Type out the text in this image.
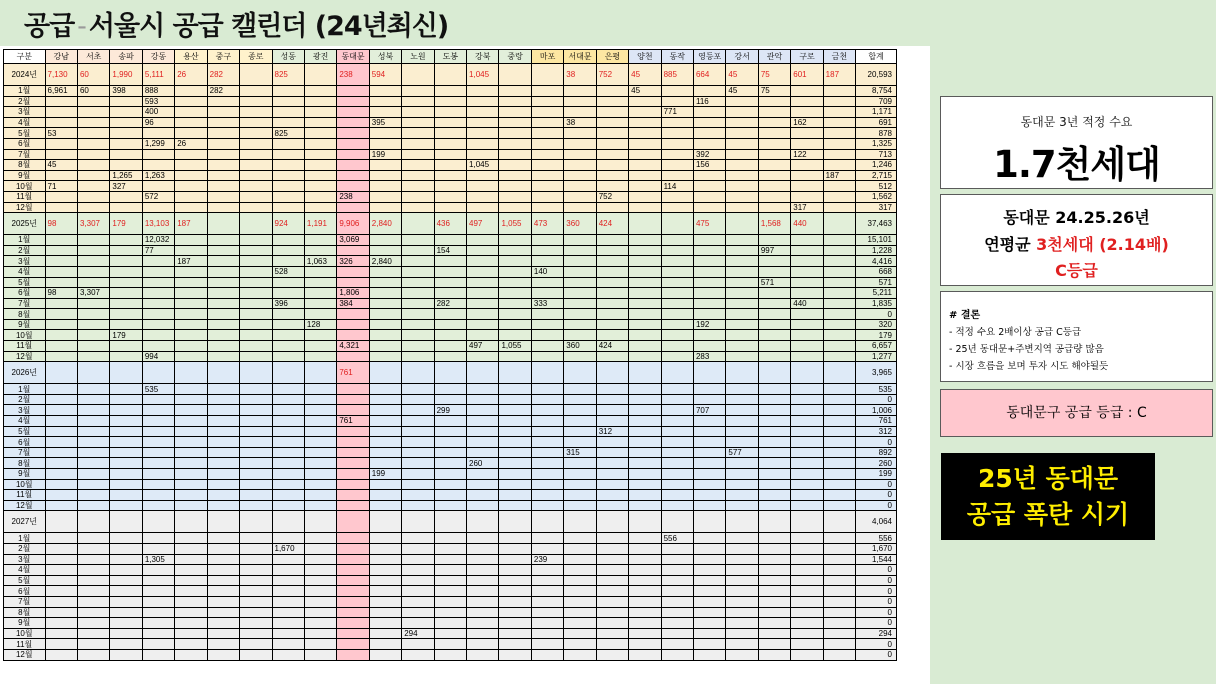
공급 - 서울시 공급 캘린더 (24년최신)
구분	강남	서초	송파	강동	용산	중구	종로	성동	광진	동대문	성북	노원	도봉	강북	중랑	마포	서대문	은평	양천	동작	영등포	강서	관악	구로	금천	합계
2024년	7,130	60	1,990	5,111	26	282		825		238	594			1,045			38	752	45	885	664	45	75	601	187	20,593
1월	6,961	60	398	888		282													45			45	75			8,754
2월				593																	116					709
3월				400																771						1,171
4월				96							395						38							162		691
5월	53							825																		878
6월				1,299	26																					1,325
7월											199										392			122		713
8월	45													1,045							156					1,246
9월			1,265	1,263																					187	2,715
10월	71		327																	114						512
11월				572						238								752								1,562
12월																								317		317
2025년	98	3,307	179	13,103	187			924	1,191	9,906	2,840		436	497	1,055	473	360	424			475		1,568	440		37,463
1월				12,032						3,069																15,101
2월				77									154										997			1,228
3월					187				1,063	326	2,840															4,416
4월								528								140										668
5월																							571			571
6월	98	3,307								1,806																5,211
7월								396		384			282			333								440		1,835
8월																										0
9월									128												192					320
10월			179																							179
11월										4,321				497	1,055		360	424								6,657
12월				994																	283					1,277
2026년										761																3,965
1월				535																						535
2월																										0
3월													299								707					1,006
4월										761																761
5월																		312								312
6월																										0
7월																	315					577				892
8월														260												260
9월											199															199
10월																										0
11월																										0
12월																										0
2027년																										4,064
1월																				556						556
2월								1,670																		1,670
3월				1,305												239										1,544
4월																										0
5월																										0
6월																										0
7월																										0
8월																										0
9월																										0
10월												294														294
11월																										0
12월																										0
동대문 3년 적정 수요
1.7천세대
동대문 24.25.26년
연평균 3천세대 (2.14배)
C등급
# 결론
- 적정 수요 2배이상 공급 C등급
- 25년 동대문+주변지역 공급량 많음
- 시장 흐름을 보며 투자 시도 해야될듯
동대문구 공급 등급 : C
25년 동대문
공급 폭탄 시기
